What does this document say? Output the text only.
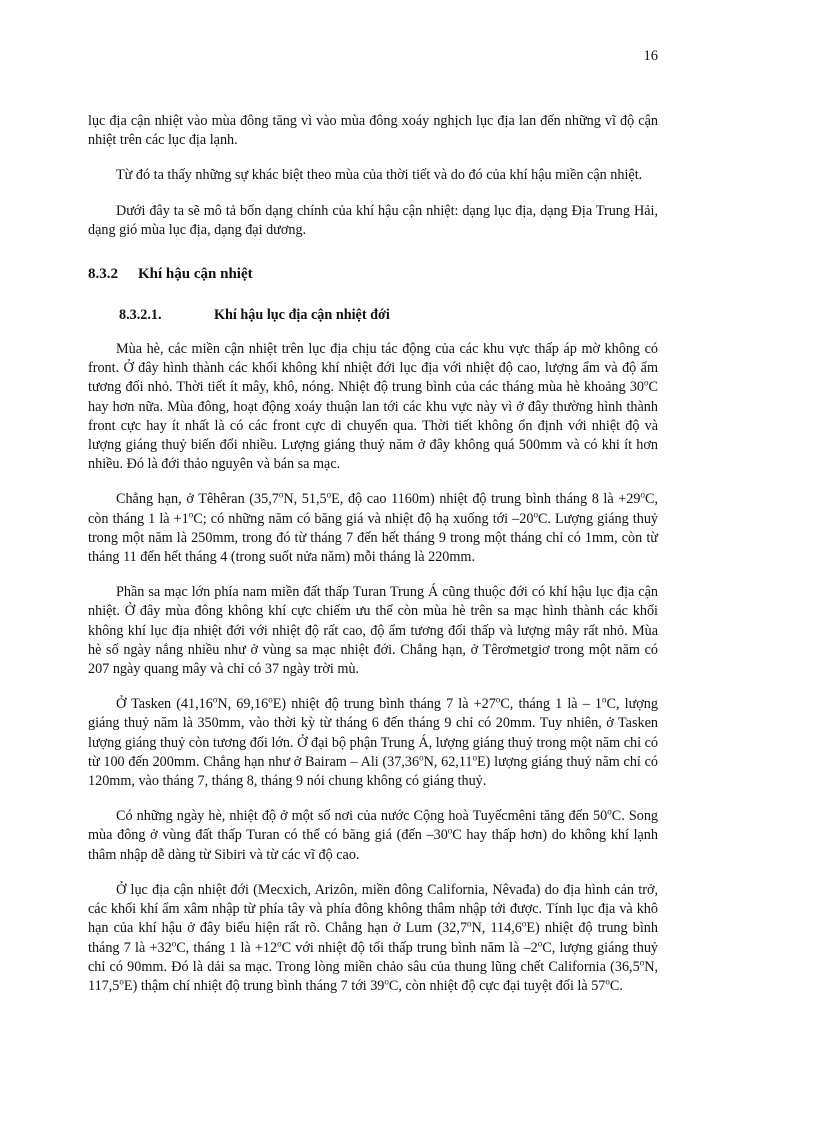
16

lục địa cận nhiệt vào mùa đông tăng vì vào mùa đông xoáy nghịch lục địa lan đến những vĩ độ cận nhiệt trên các lục địa lạnh.

Từ đó ta thấy những sự khác biệt theo mùa của thời tiết và do đó của khí hậu miền cận nhiệt.

Dưới đây ta sẽ mô tả bốn dạng chính của khí hậu cận nhiệt: dạng lục địa, dạng Địa Trung Hải, dạng gió mùa lục địa, dạng đại dương.

8.3.2 Khí hậu cận nhiệt
8.3.2.1.	Khí hậu lục địa cận nhiệt đới

Mùa hè, các miền cận nhiệt trên lục địa chịu tác động của các khu vực thấp áp mờ không có front. Ở đây hình thành các khối không khí nhiệt đới lục địa với nhiệt độ cao, lượng ẩm và độ ẩm tương đối nhỏ. Thời tiết ít mây, khô, nóng. Nhiệt độ trung bình của các tháng mùa hè khoảng 30$^o$C hay hơn nữa. Mùa đông, hoạt động xoáy thuận lan tới các khu vực này vì ở đây thường hình thành front cực hay ít nhất là có các front cực di chuyển qua. Thời tiết không ổn định với nhiệt độ và lượng giáng thuỷ biến đổi nhiều. Lượng giáng thuỷ năm ở đây không quá 500mm và có khi ít hơn nhiều. Đó là đới thảo nguyên và bán sa mạc.

Chẳng hạn, ở Têhêran (35,7$^o$N, 51,5$^o$E, độ cao 1160m) nhiệt độ trung bình tháng 8 là $+29^oC$, còn tháng 1 là $+1^oC$; có những năm có băng giá và nhiệt độ hạ xuống tới –20$^o$C. Lượng giáng thuỷ trong một năm là 250mm, trong đó từ tháng 7 đến hết tháng 9 trong một tháng chỉ có 1mm, còn từ tháng 11 đến hết tháng 4 (trong suốt nửa năm) mỗi tháng là 220mm.

Phần sa mạc lớn phía nam miền đất thấp Turan Trung Á cũng thuộc đới có khí hậu lục địa cận nhiệt. Ở đây mùa đông không khí cực chiếm ưu thế còn mùa hè trên sa mạc hình thành các khối không khí lục địa nhiệt đới với nhiệt độ rất cao, độ ẩm tương đối thấp và lượng mây rất nhỏ. Mùa hè số ngày nắng nhiều như ở vùng sa mạc nhiệt đới. Chẳng hạn, ở Têrơmetgiơ trong một năm có 207 ngày quang mây và chỉ có 37 ngày trời mù.

Ở Tasken (41,16$^o$N, 69,16$^o$E) nhiệt độ trung bình tháng 7 là $+27^oC$, tháng 1 là – 1$^o$C, lượng giáng thuỷ năm là 350mm, vào thời kỳ từ tháng 6 đến tháng 9 chỉ có 20mm. Tuy nhiên, ở Tasken lượng giáng thuỷ còn tương đối lớn. Ở đại bộ phận Trung Á, lượng giáng thuỷ trong một năm chỉ có từ 100 đến 200mm. Chẳng hạn như ở Bairam – Ali (37,36$^o$N, 62,11$^o$E) lượng giáng thuỷ năm chỉ có 120mm, vào tháng 7, tháng 8, tháng 9 nói chung không có giáng thuỷ.

Có những ngày hè, nhiệt độ ở một số nơi của nước Cộng hoà Tuyếcmêni tăng đến 50$^o$C. Song mùa đông ở vùng đất thấp Turan có thể có băng giá (đến –30$^o$C hay thấp hơn) do không khí lạnh thâm nhập dễ dàng từ Sibiri và từ các vĩ độ cao.

Ở lục địa cận nhiệt đới (Mecxich, Arizôn, miền đông California, Nêvađa) do địa hình cản trở, các khối khí ẩm xâm nhập từ phía tây và phía đông không thâm nhập tới được. Tính lục địa và khô hạn của khí hậu ở đây biểu hiện rất rõ. Chẳng hạn ở Lum (32,7$^o$N, 114,6$^o$E) nhiệt độ trung bình tháng 7 là $+32^oC$, tháng 1 là $+12^oC$ với nhiệt độ tối thấp trung bình năm là –2$^o$C, lượng giáng thuỷ chỉ có 90mm. Đó là dải sa mạc. Trong lòng miền chảo sâu của thung lũng chết California (36,5$^o$N, 117,5$^o$E) thậm chí nhiệt độ trung bình tháng 7 tới 39$^o$C, còn nhiệt độ cực đại tuyệt đối là 57$^o$C.
